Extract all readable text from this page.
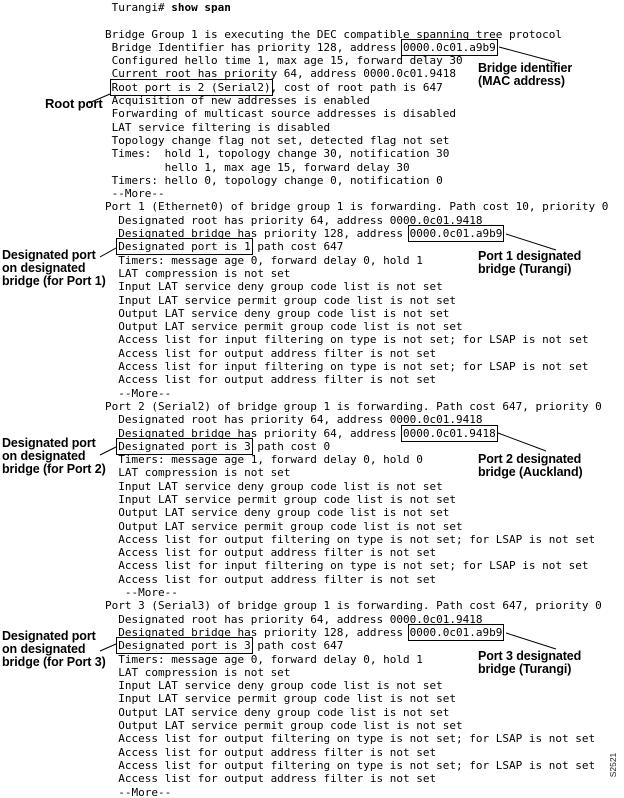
Turangi# show span

Bridge Group 1 is executing the DEC compatible spanning tree protocol
Bridge Identifier has priority 128, address 0000.0c01.a9b9
Configured hello time 1, max age 15, forward delay 30
Current root has priority 64, address 0000.0c01.9418
Root port is 2 (Serial2), cost of root path is 647
Acquisition of new addresses is enabled
Forwarding of multicast source addresses is disabled
LAT service filtering is disabled
Topology change flag not set, detected flag not set
Times:  hold 1, topology change 30, notification 30
hello 1, max age 15, forward delay 30
Timers: hello 0, topology change 0, notification 0
--More--
Port 1 (Ethernet0) of bridge group 1 is forwarding. Path cost 10, priority 0
Designated root has priority 64, address 0000.0c01.9418
Designated bridge has priority 128, address 0000.0c01.a9b9
Designated port is 1 path cost 647
Timers: message age 0, forward delay 0, hold 1
LAT compression is not set
Input LAT service deny group code list is not set
Input LAT service permit group code list is not set
Output LAT service deny group code list is not set
Output LAT service permit group code list is not set
Access list for input filtering on type is not set; for LSAP is not set
Access list for output address filter is not set
Access list for input filtering on type is not set; for LSAP is not set
Access list for output address filter is not set
--More--
Port 2 (Serial2) of bridge group 1 is forwarding. Path cost 647, priority 0
Designated root has priority 64, address 0000.0c01.9418
Designated bridge has priority 64, address 0000.0c01.9418
Designated port is 3 path cost 0
Timers: message age 1, forward delay 0, hold 0
LAT compression is not set
Input LAT service deny group code list is not set
Input LAT service permit group code list is not set
Output LAT service deny group code list is not set
Output LAT service permit group code list is not set
Access list for output filtering on type is not set; for LSAP is not set
Access list for output address filter is not set
Access list for input filtering on type is not set; for LSAP is not set
Access list for output address filter is not set
--More--
Port 3 (Serial3) of bridge group 1 is forwarding. Path cost 647, priority 0
Designated root has priority 64, address 0000.0c01.9418
Designated bridge has priority 128, address 0000.0c01.a9b9
Designated port is 3 path cost 647
Timers: message age 0, forward delay 0, hold 1
LAT compression is not set
Input LAT service deny group code list is not set
Input LAT service permit group code list is not set
Output LAT service deny group code list is not set
Output LAT service permit group code list is not set
Access list for output filtering on type is not set; for LSAP is not set
Access list for output address filter is not set
Access list for output filtering on type is not set; for LSAP is not set
Access list for output address filter is not set
--More--
Root port
Bridge identifier
(MAC address)
Designated port
on designated
bridge (for Port 1)
Port 1 designated
bridge (Turangi)
Designated port
on designated
bridge (for Port 2)
Port 2 designated
bridge (Auckland)
Designated port
on designated
bridge (for Port 3)	Port 3 designated
bridge (Turangi)
S2521
